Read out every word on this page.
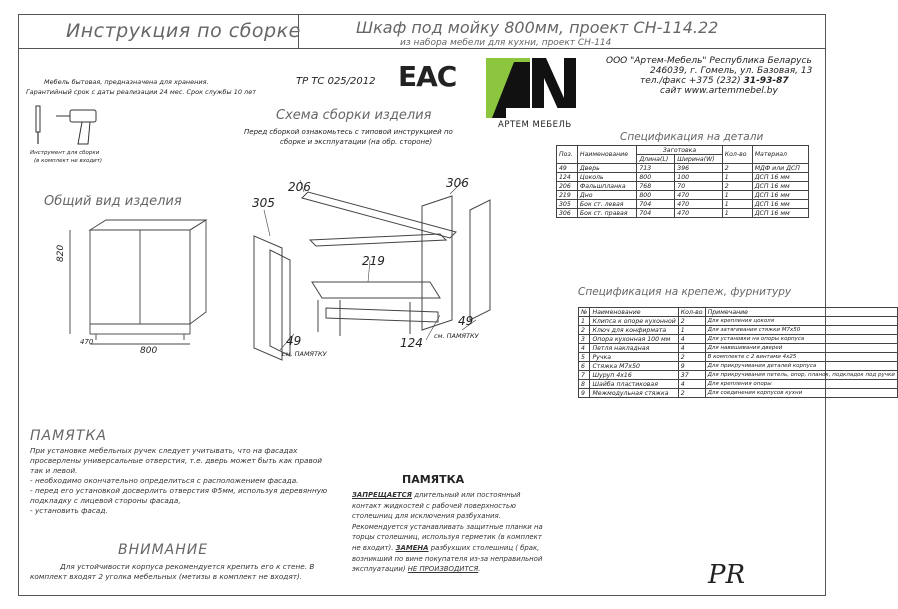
Инструкция по сборке	Шкаф под мойку 800мм, проект СН-114.22
из набора мебели для кухни, проект СН-114
Мебель бытовая, предназначена для хранения.
Гарантийный срок с даты реализации 24 мес. Срок службы 10 лет
ТР ТС 025/2012 EAC
Инструмент для сборки
(в комплект не входит)
АРТЕМ МЕБЕЛЬ
ООО "Артем-Мебель" Республика Беларусь
246039, г. Гомель, ул. Базовая, 13
тел./факс +375 (232) 31-93-87
сайт www.artemmebel.by
Схема сборки изделия
Перед сборкой ознакомьтесь с типовой инструкцией по
сборке и эксплуатации (на обр. стороне)
305
206	306
219
49	124
49
см. ПАМЯТКУ
см. ПАМЯТКУ
Общий вид изделия
820
800
470
Спецификация на детали
Поз.	Наименование	Заготовка		Кол-во	Материал
		Длина(L)	Ширина(W)		
49	Дверь	713	396	2	МДФ или ДСП
124	Цоколь	800	100	1	ДСП 16 мм
206	Фальшпланка	768	70	2	ДСП 16 мм
219	Дно	800	470	1	ДСП 16 мм
305	Бок ст. левая	704	470	1	ДСП 16 мм
306	Бок ст. правая	704	470	1	ДСП 16 мм
Спецификация на крепеж, фурнитуру
№	Наименование	Кол-во	Примечание
1	Клипса к опоре кухонной	2	Для крепления цоколя
2	Ключ для конфирмата	1	Для затягивания стяжки М7х50
3	Опора кухонная 100 мм	4	Для установки на опоры корпуса
4	Петля накладная	4	Для навешивания дверей
5	Ручка	2	В комплекте с 2 винтами 4х25
6	Стяжка М7х50	9	Для прикручивания деталей корпуса
7	Шуруп 4х16	37	Для прикручивания петель, опор, планок, подкладок под ручки
8	Шайба пластиковая	4	Для крепления опоры
9	Межмодульная стяжка	2	Для соединения корпусов кухни
ПАМЯТКА
При установке мебельных ручек следует учитывать, что на фасадах просверлены универсальные отверстия, т.е. дверь может быть как правой так и левой.
- необходимо окончательно определиться с расположением фасада.
- перед его установкой досверлить отверстия Ф5мм, используя деревянную подкладку с лицевой стороны фасада,
- установить фасад.
ВНИМАНИЕ
Для устойчивости корпуса рекомендуется крепить его к стене. В
комплект входят 2 уголка мебельных (метизы в комплект не входят).
ПАМЯТКА
ЗАПРЕЩАЕТСЯ длительный или постоянный контакт жидкостей с рабочей поверхностью столешниц для исключения разбухания. Рекомендуется устанавливать защитные планки на торцы столешниц, используя герметик (в комплект не входит). ЗАМЕНА разбухших столешниц ( брак, возникший по вине покупателя из-за неправильной эксплуатации) НЕ ПРОИЗВОДИТСЯ.	PR
